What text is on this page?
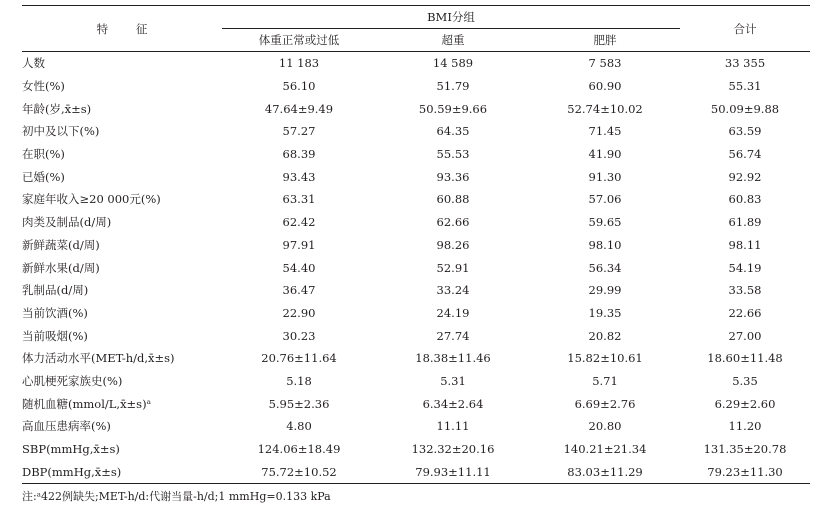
特 征	BMI分组			合计
	体重正常或过低	超重	肥胖	
人数	11 183	14 589	7 583	33 355
女性(%)	56.10	51.79	60.90	55.31
年龄(岁,x̄±s)	47.64±9.49	50.59±9.66	52.74±10.02	50.09±9.88
初中及以下(%)	57.27	64.35	71.45	63.59
在职(%)	68.39	55.53	41.90	56.74
已婚(%)	93.43	93.36	91.30	92.92
家庭年收入≥20 000元(%)	63.31	60.88	57.06	60.83
肉类及制品(d/周)	62.42	62.66	59.65	61.89
新鲜蔬菜(d/周)	97.91	98.26	98.10	98.11
新鲜水果(d/周)	54.40	52.91	56.34	54.19
乳制品(d/周)	36.47	33.24	29.99	33.58
当前饮酒(%)	22.90	24.19	19.35	22.66
当前吸烟(%)	30.23	27.74	20.82	27.00
体力活动水平(MET-h/d,x̄±s)	20.76±11.64	18.38±11.46	15.82±10.61	18.60±11.48
心肌梗死家族史(%)	5.18	5.31	5.71	5.35
随机血糖(mmol/L,x̄±s)ᵃ	5.95±2.36	6.34±2.64	6.69±2.76	6.29±2.60
高血压患病率(%)	4.80	11.11	20.80	11.20
SBP(mmHg,x̄±s)	124.06±18.49	132.32±20.16	140.21±21.34	131.35±20.78
DBP(mmHg,x̄±s)	75.72±10.52	79.93±11.11	83.03±11.29	79.23±11.30
注:ᵃ422例缺失;MET-h/d:代谢当量-h/d;1 mmHg=0.133 kPa
